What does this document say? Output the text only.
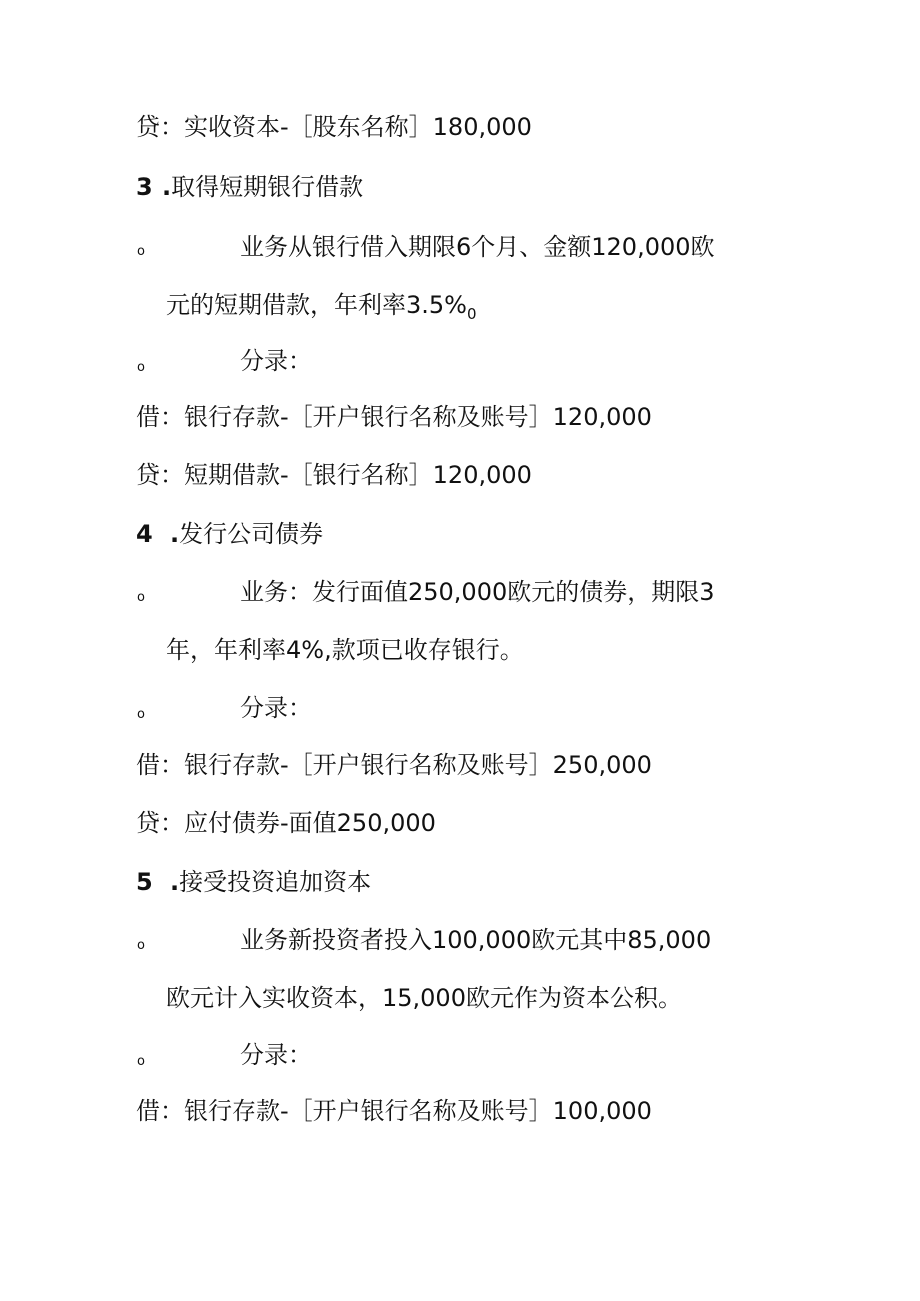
贷：实收资本-［股东名称］180,000
3 .取得短期银行借款
o	业务从银行借入期限6个月、金额120,000欧
元的短期借款，年利率$3.5\%_0$
o	分录：
借：银行存款-［开户银行名称及账号］120,000
贷：短期借款-［银行名称］120,000
4 .发行公司债券
o	业务：发行面值250,000欧元的债券，期限3
年，年利率4%,款项已收存银行。
o	分录：
借：银行存款-［开户银行名称及账号］250,000
贷：应付债券-面值250,000
5 .接受投资追加资本
o	业务新投资者投入100,000欧元其中85,000
欧元计入实收资本，15,000欧元作为资本公积。
o	分录：
借：银行存款-［开户银行名称及账号］100,000
